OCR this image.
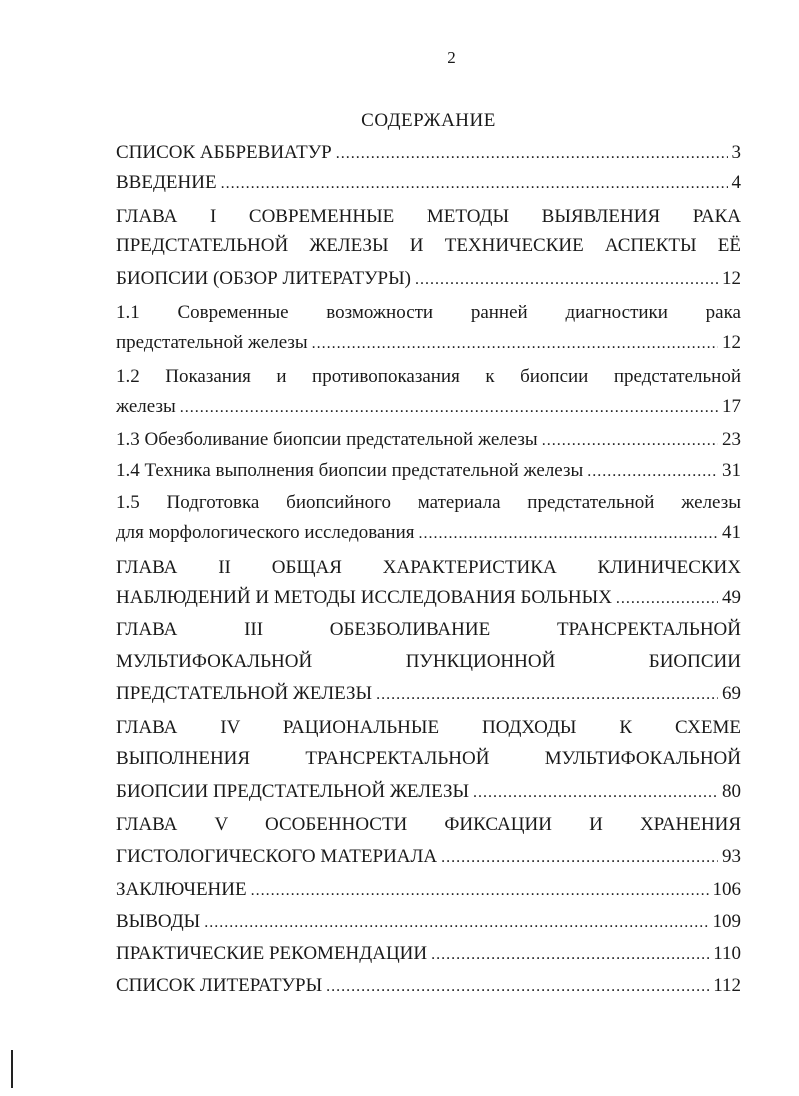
2
СОДЕРЖАНИЕ
СПИСОК АББРЕВИАТУР .....	3
ВВЕДЕНИЕ .....	4
ГЛАВА I СОВРЕМЕННЫЕ МЕТОДЫ ВЫЯВЛЕНИЯ РАКА
ПРЕДСТАТЕЛЬНОЙ ЖЕЛЕЗЫ И ТЕХНИЧЕСКИЕ АСПЕКТЫ ЕЁ
БИОПСИИ (ОБЗОР ЛИТЕРАТУРЫ) .....	12
1.1 Современные возможности ранней диагностики рака
предстательной железы .....	12
1.2 Показания и противопоказания к биопсии предстательной
железы .....	17
1.3 Обезболивание биопсии предстательной железы .....	23
1.4 Техника выполнения биопсии предстательной железы .....	31
1.5 Подготовка биопсийного материала предстательной железы
для морфологического исследования .....	41
ГЛАВА II ОБЩАЯ ХАРАКТЕРИСТИКА КЛИНИЧЕСКИХ
НАБЛЮДЕНИЙ И МЕТОДЫ ИССЛЕДОВАНИЯ БОЛЬНЫХ .....	49
ГЛАВА III ОБЕЗБОЛИВАНИЕ ТРАНСРЕКТАЛЬНОЙ
МУЛЬТИФОКАЛЬНОЙ ПУНКЦИОННОЙ БИОПСИИ
ПРЕДСТАТЕЛЬНОЙ ЖЕЛЕЗЫ .....	69
ГЛАВА IV РАЦИОНАЛЬНЫЕ ПОДХОДЫ К СХЕМЕ
ВЫПОЛНЕНИЯ ТРАНСРЕКТАЛЬНОЙ МУЛЬТИФОКАЛЬНОЙ
БИОПСИИ ПРЕДСТАТЕЛЬНОЙ ЖЕЛЕЗЫ .....	80
ГЛАВА V ОСОБЕННОСТИ ФИКСАЦИИ И ХРАНЕНИЯ
ГИСТОЛОГИЧЕСКОГО МАТЕРИАЛА .....	93
ЗАКЛЮЧЕНИЕ .....	106
ВЫВОДЫ .....	109
ПРАКТИЧЕСКИЕ РЕКОМЕНДАЦИИ .....	110
СПИСОК ЛИТЕРАТУРЫ .....	112
